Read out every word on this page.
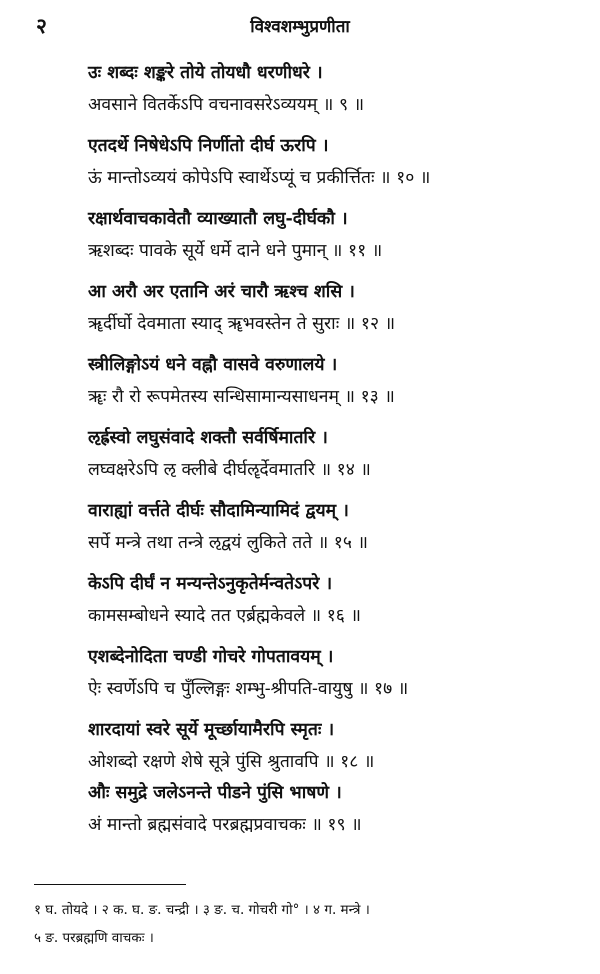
२	विश्वशम्भुप्रणीता
उः शब्दः शङ्करे तोये तोयधौ धरणीधरे ।
अवसाने वितर्केऽपि वचनावसरेऽव्ययम् ॥ ९ ॥
एतदर्थे निषेधेऽपि निर्णीतो दीर्घ ऊरपि ।
ऊं मान्तोऽव्ययं कोपेऽपि स्वार्थेऽप्यूं च प्रकीर्त्तितः ॥ १० ॥
रक्षार्थवाचकावेतौ व्याख्यातौ लघु-दीर्घकौ ।
ऋशब्दः पावके सूर्ये धर्मे दाने धने पुमान् ॥ ११ ॥
आ अरौ अर एतानि अरं चारौ ऋश्च शसि ।
ॠर्दीर्घो देवमाता स्याद् ॠभवस्तेन ते सुराः ॥ १२ ॥
स्त्रीलिङ्गोऽयं धने वह्नौ वासवे वरुणालये ।
ॠः रौ रो रूपमेतस्य सन्धिसामान्यसाधनम् ॥ १३ ॥
ऌर्ह्रस्वो लघुसंवादे शक्तौ सर्वर्षिमातरि ।
लघ्वक्षरेऽपि ऌ क्लीबे दीर्घॡर्देवमातरि ॥ १४ ॥
वाराह्यां वर्त्तते दीर्घः सौदामिन्यामिदं द्वयम् ।
सर्पे मन्त्रे तथा तन्त्रे ऌद्वयं लुकिते तते ॥ १५ ॥
केऽपि दीर्घं न मन्यन्तेऽनुकृतेर्मन्वतेऽपरे ।
कामसम्बोधने स्यादे तत एर्ब्रह्मकेवले ॥ १६ ॥
एशब्देनोदिता चण्डी गोचरे गोपतावयम् ।
ऐः स्वर्णेऽपि च पुँल्लिङ्गः शम्भु-श्रीपति-वायुषु ॥ १७ ॥
शारदायां स्वरे सूर्ये मूर्च्छायामैरपि स्मृतः ।
ओशब्दो रक्षणे शेषे सूत्रे पुंसि श्रुतावपि ॥ १८ ॥
औः समुद्रे जलेऽनन्ते पीडने पुंसि भाषणे ।
अं मान्तो ब्रह्मसंवादे परब्रह्मप्रवाचकः ॥ १९ ॥
१ घ. तोयदे । २ क. घ. ङ. चन्द्री । ३ ङ. च. गोचरी गो° । ४ ग. मन्त्रे ।
५ ङ. परब्रह्मणि वाचकः ।
